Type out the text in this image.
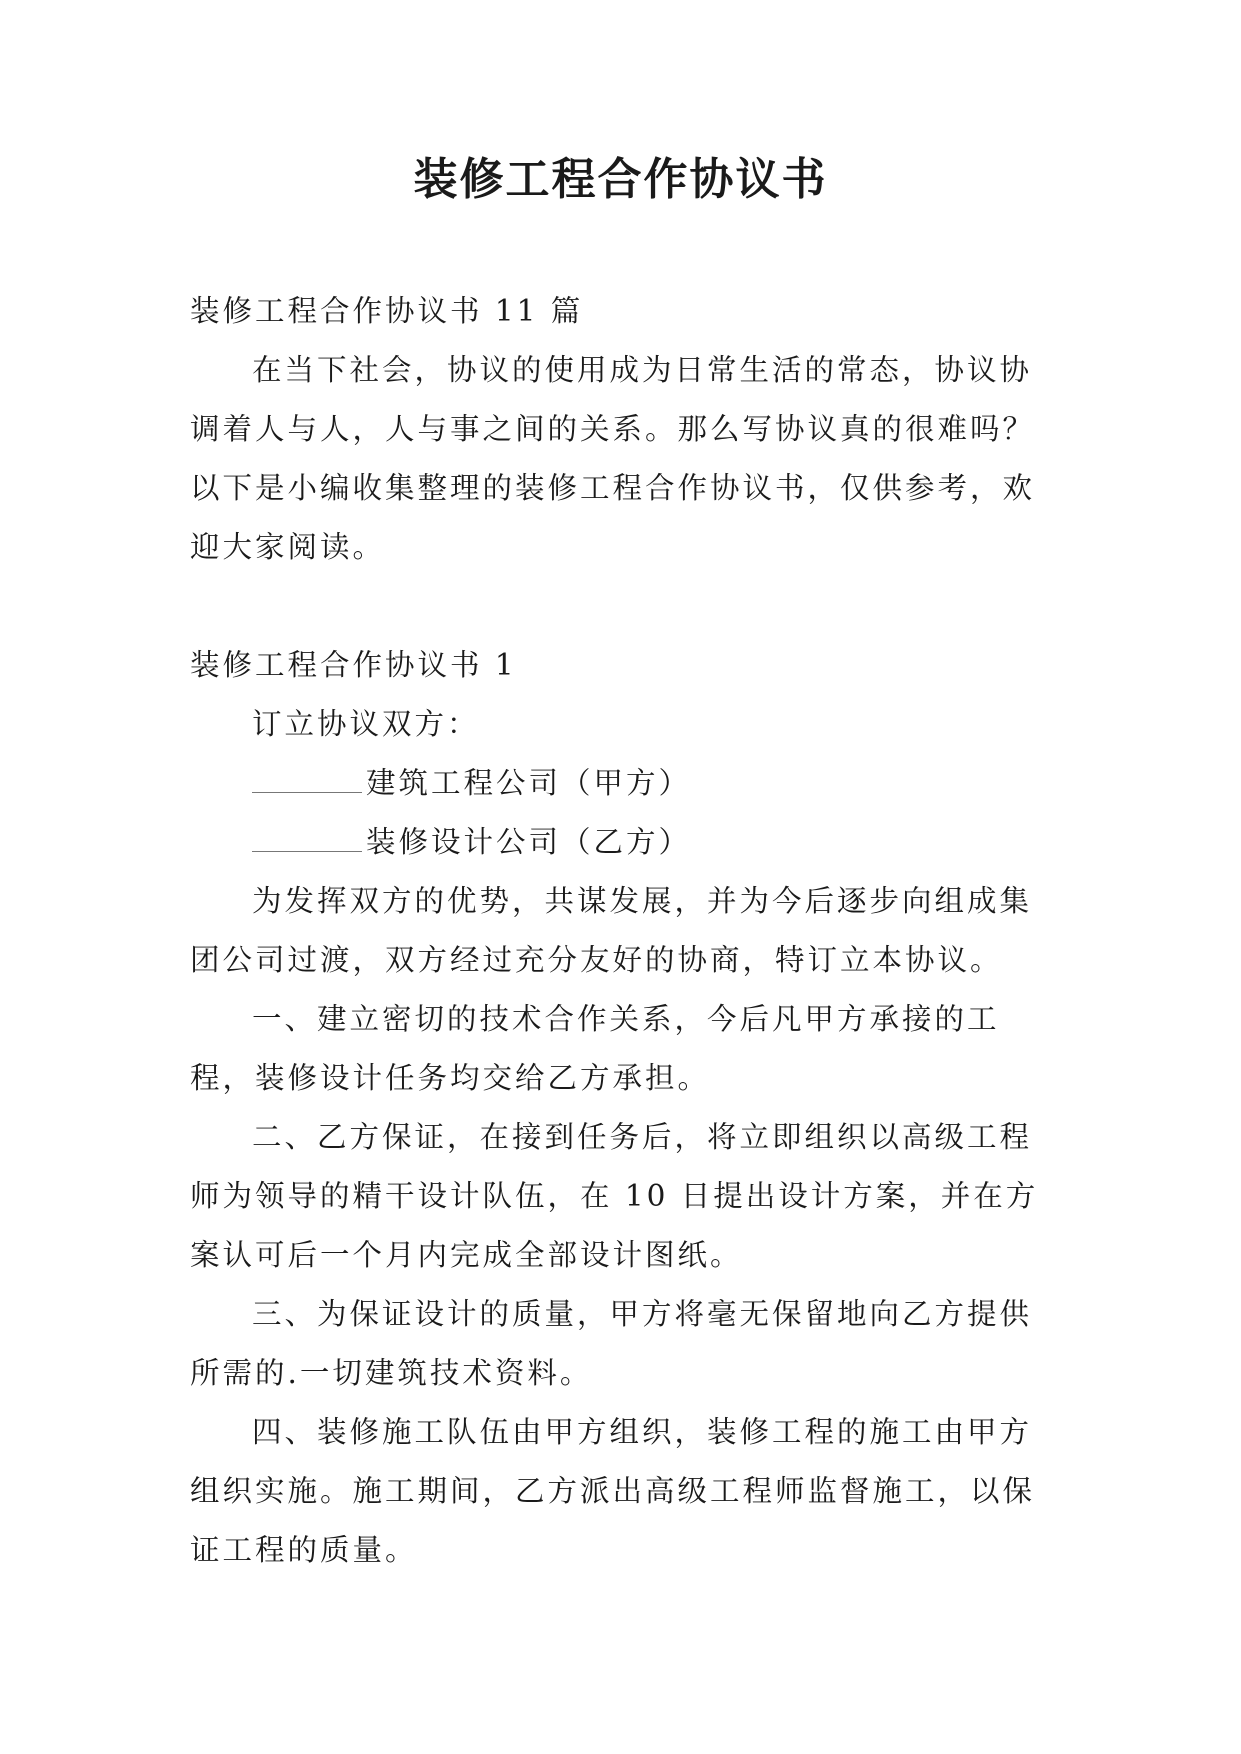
装修工程合作协议书

装修工程合作协议书 11 篇

在当下社会，协议的使用成为日常生活的常态，协议协调着人与人，人与事之间的关系。那么写协议真的很难吗？以下是小编收集整理的装修工程合作协议书，仅供参考，欢迎大家阅读。

装修工程合作协议书 1

订立协议双方：

建筑工程公司（甲方）

装修设计公司（乙方）

为发挥双方的优势，共谋发展，并为今后逐步向组成集团公司过渡，双方经过充分友好的协商，特订立本协议。

一、建立密切的技术合作关系，今后凡甲方承接的工程，装修设计任务均交给乙方承担。

二、乙方保证，在接到任务后，将立即组织以高级工程师为领导的精干设计队伍，在 10 日提出设计方案，并在方案认可后一个月内完成全部设计图纸。

三、为保证设计的质量，甲方将毫无保留地向乙方提供所需的.一切建筑技术资料。

四、装修施工队伍由甲方组织，装修工程的施工由甲方组织实施。施工期间，乙方派出高级工程师监督施工，以保证工程的质量。
